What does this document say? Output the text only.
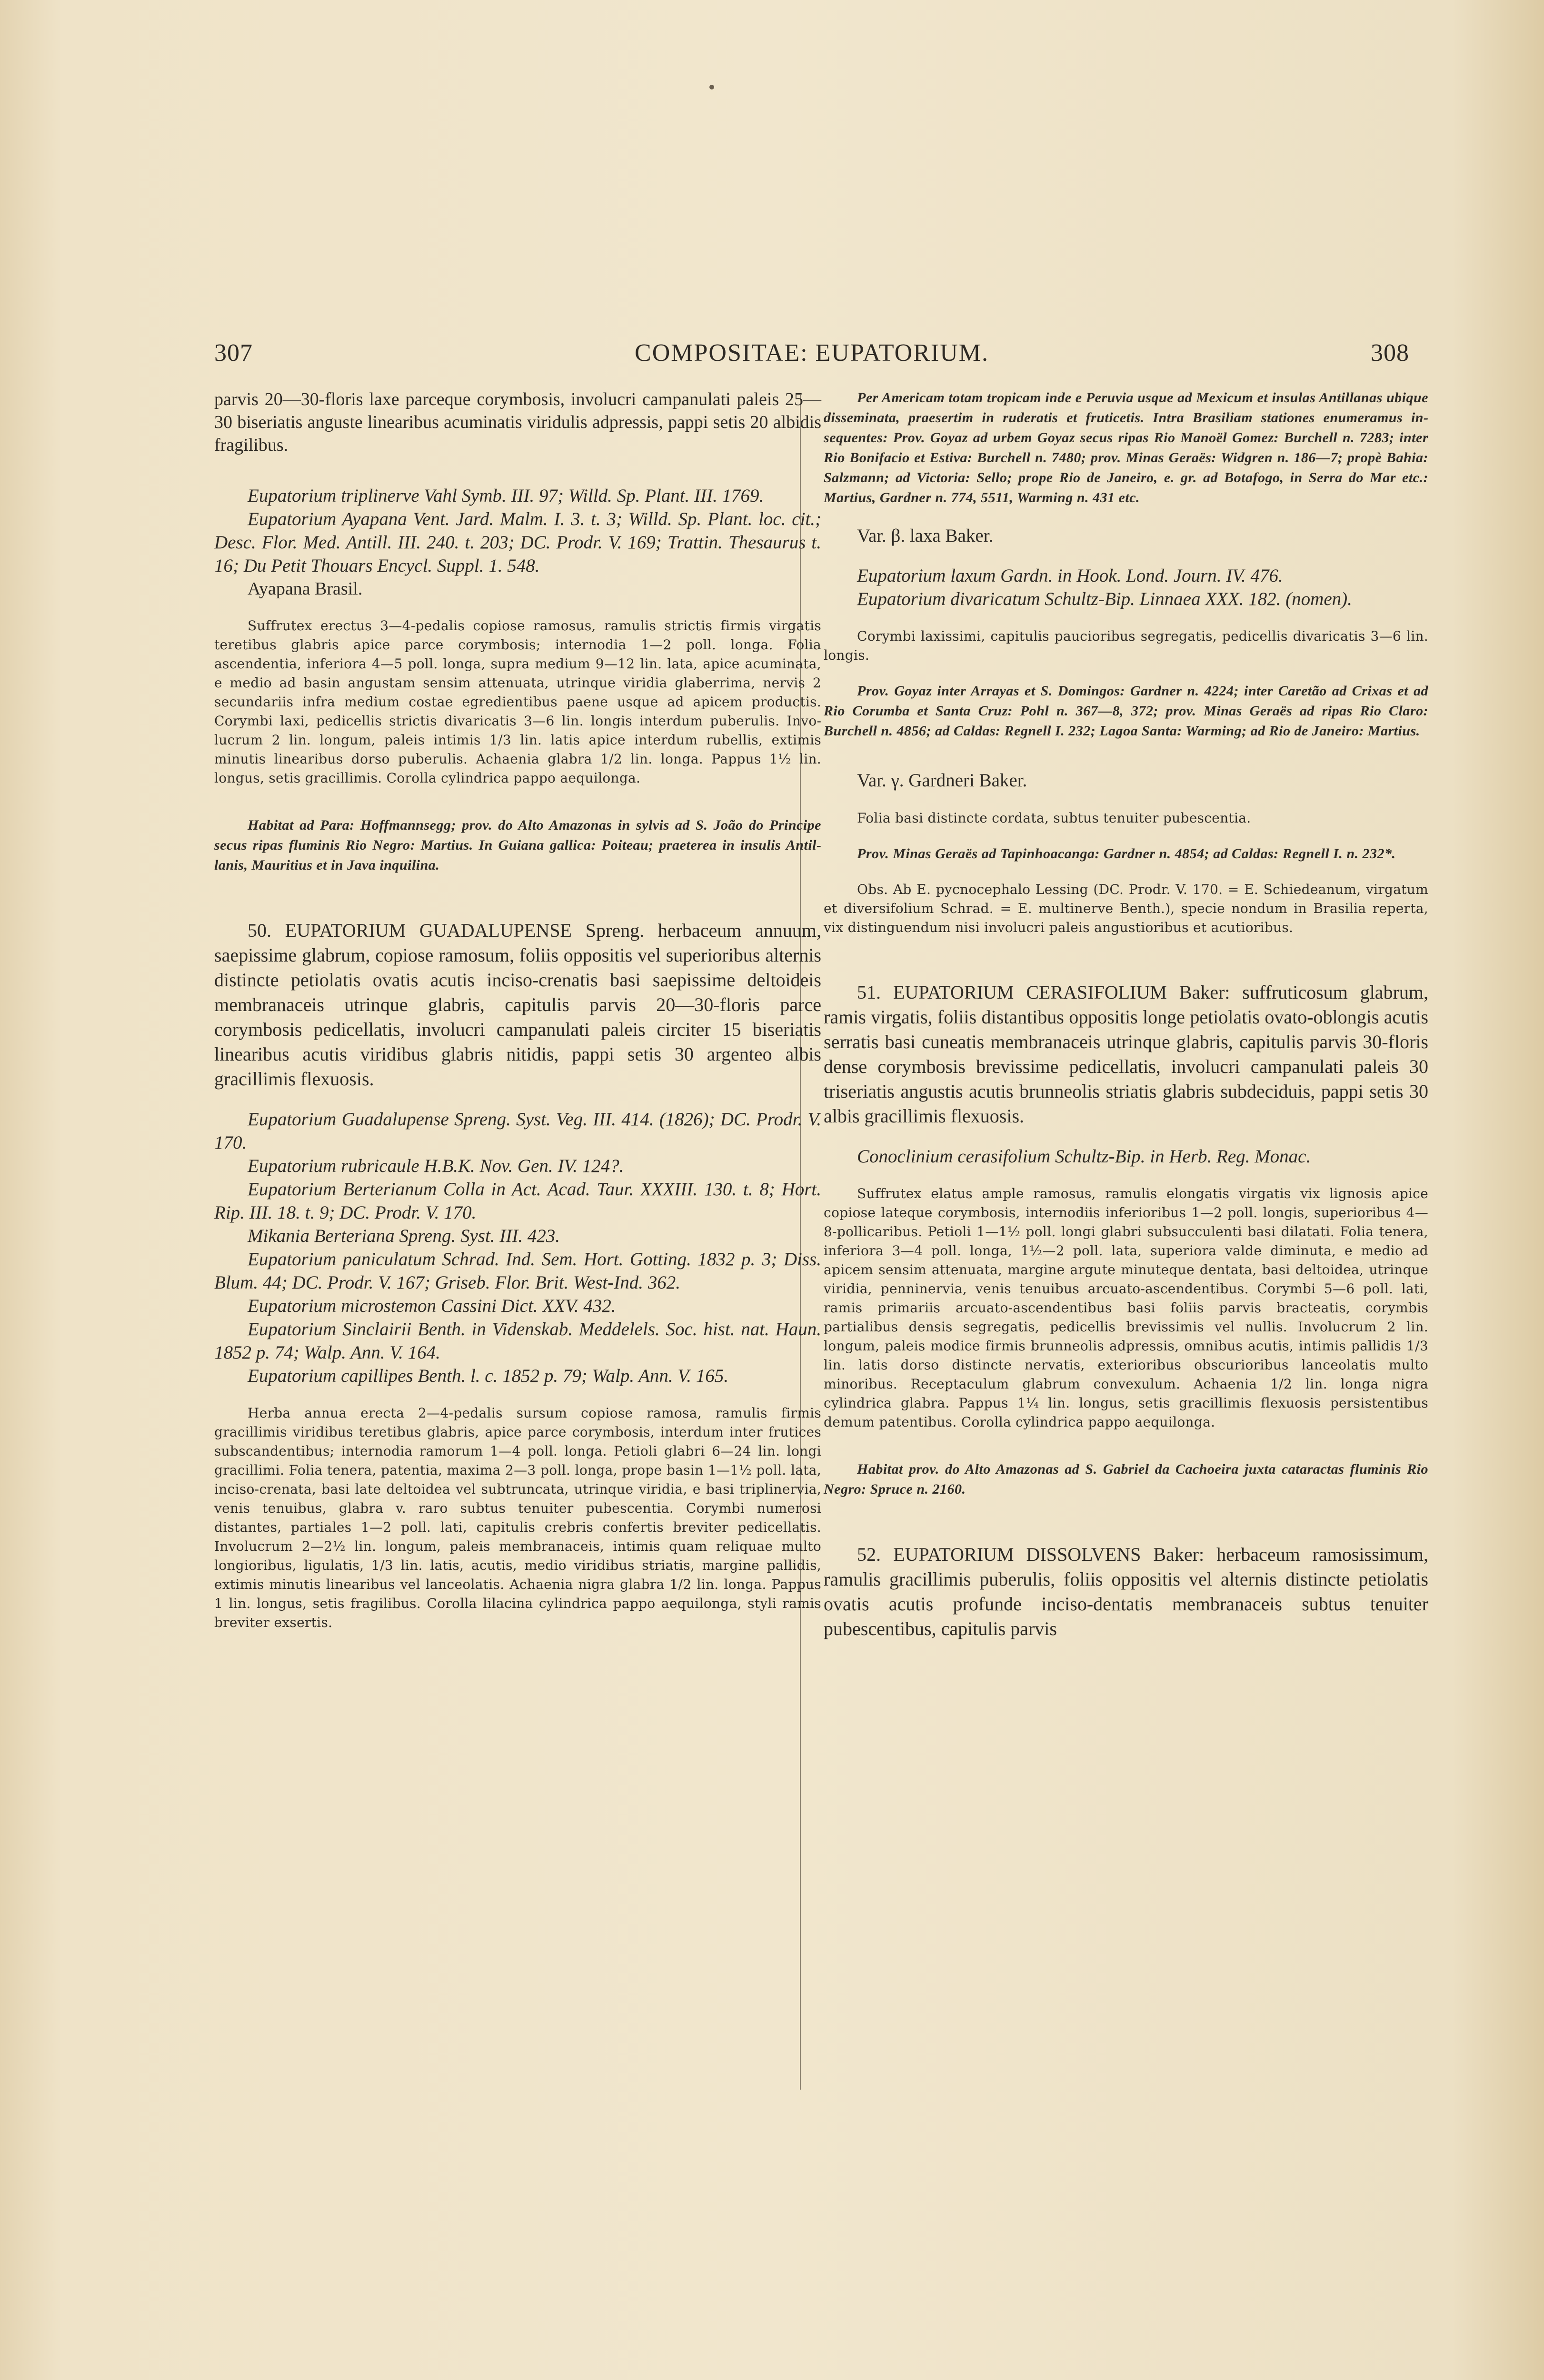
307	COMPOSITAE: EUPATORIUM.	308

parvis 20—30-floris laxe parceque corymbosis, involucri campanulati paleis 25—30 biseriatis anguste linearibus acuminatis viridulis adpressis, pappi setis 20 albidis fragilibus.

Eupatorium triplinerve Vahl Symb. III. 97; Willd. Sp. Plant. III. 1769.

Eupatorium Ayapana Vent. Jard. Malm. I. 3. t. 3; Willd. Sp. Plant. loc. cit.; Desc. Flor. Med. Antill. III. 240. t. 203; DC. Prodr. V. 169; Trattin. Thesaurus t. 16; Du Petit Thouars Encycl. Suppl. 1. 548.

Ayapana Brasil.

Suffrutex erectus 3—4-pedalis copiose ramosus, ramulis strictis firmis virgatis teretibus glabris apice parce corymbosis; internodia 1—2 poll. longa. Folia ascendentia, inferiora 4—5 poll. longa, supra medium 9—12 lin. lata, apice acuminata, e medio ad basin angustam sensim attenuata, utrinque viridia glaberrima, nervis 2 secundariis infra medium costae egredientibus paene usque ad apicem productis. Corymbi laxi, pedicellis strictis divaricatis 3—6 lin. longis interdum puberulis. Involucrum 2 lin. longum, paleis intimis 1/3 lin. latis apice interdum rubellis, extimis minutis linearibus dorso puberulis. Achaenia glabra 1/2 lin. longa. Pappus 1½ lin. longus, setis gracillimis. Corolla cylindrica pappo aequilonga.

Habitat ad Para: Hoffmannsegg; prov. do Alto Amazonas in sylvis ad S. João do Principe secus ripas fluminis Rio Negro: Martius. In Guiana gallica: Poiteau; praeterea in insulis Antillanis, Mauritius et in Java inquilina.

50. EUPATORIUM GUADALUPENSE Spreng. herbaceum annuum, saepissime glabrum, copiose ramosum, foliis oppositis vel superioribus alternis distincte petiolatis ovatis acutis inciso-crenatis basi saepissime deltoideis membranaceis utrinque glabris, capitulis parvis 20—30-floris parce corymbosis pedicellatis, involucri campanulati paleis circiter 15 biseriatis linearibus acutis viridibus glabris nitidis, pappi setis 30 argenteo albis gracillimis flexuosis.

Eupatorium Guadalupense Spreng. Syst. Veg. III. 414. (1826); DC. Prodr. V. 170.

Eupatorium rubricaule H.B.K. Nov. Gen. IV. 124?.

Eupatorium Berterianum Colla in Act. Acad. Taur. XXXIII. 130. t. 8; Hort. Rip. III. 18. t. 9; DC. Prodr. V. 170.

Mikania Berteriana Spreng. Syst. III. 423.

Eupatorium paniculatum Schrad. Ind. Sem. Hort. Gotting. 1832 p. 3; Diss. Blum. 44; DC. Prodr. V. 167; Griseb. Flor. Brit. West-Ind. 362.

Eupatorium microstemon Cassini Dict. XXV. 432.

Eupatorium Sinclairii Benth. in Videnskab. Meddelels. Soc. hist. nat. Haun. 1852 p. 74; Walp. Ann. V. 164.

Eupatorium capillipes Benth. l. c. 1852 p. 79; Walp. Ann. V. 165.

Herba annua erecta 2—4-pedalis sursum copiose ramosa, ramulis firmis gracillimis viridibus teretibus glabris, apice parce corymbosis, interdum inter frutices subscandentibus; internodia ramorum 1—4 poll. longa. Petioli glabri 6—24 lin. longi gracillimi. Folia tenera, patentia, maxima 2—3 poll. longa, prope basin 1—1½ poll. lata, inciso-crenata, basi late deltoidea vel subtruncata, utrinque viridia, e basi triplinervia, venis tenuibus, glabra v. raro subtus tenuiter pubescentia. Corymbi numerosi distantes, partiales 1—2 poll. lati, capitulis crebris confertis breviter pedicellatis. Involucrum 2—2½ lin. longum, paleis membranaceis, intimis quam reliquae multo longioribus, ligulatis, 1/3 lin. latis, acutis, medio viridibus striatis, margine pallidis, extimis minutis linearibus vel lanceolatis. Achaenia nigra glabra 1/2 lin. longa. Pappus 1 lin. longus, setis fragilibus. Corolla lilacina cylindrica pappo aequilonga, styli ramis breviter exsertis.

Per Americam totam tropicam inde e Peruvia usque ad Mexicum et insulas Antillanas ubique disseminata, praesertim in ruderatis et fruticetis. Intra Brasiliam stationes enumeramus insequentes: Prov. Goyaz ad urbem Goyaz secus ripas Rio Manoël Gomez: Burchell n. 7283; inter Rio Bonifacio et Estiva: Burchell n. 7480; prov. Minas Geraës: Widgren n. 186—7; propè Bahia: Salzmann; ad Victoria: Sello; prope Rio de Janeiro, e. gr. ad Botafogo, in Serra do Mar etc.: Martius, Gardner n. 774, 5511, Warming n. 431 etc.

Var. β. laxa Baker.

Eupatorium laxum Gardn. in Hook. Lond. Journ. IV. 476.

Eupatorium divaricatum Schultz-Bip. Linnaea XXX. 182. (nomen).

Corymbi laxissimi, capitulis paucioribus segregatis, pedicellis divaricatis 3—6 lin. longis.

Prov. Goyaz inter Arrayas et S. Domingos: Gardner n. 4224; inter Caretão ad Crixas et ad Rio Corumba et Santa Cruz: Pohl n. 367—8, 372; prov. Minas Geraës ad ripas Rio Claro: Burchell n. 4856; ad Caldas: Regnell I. 232; Lagoa Santa: Warming; ad Rio de Janeiro: Martius.

Var. γ. Gardneri Baker.

Folia basi distincte cordata, subtus tenuiter pubescentia.

Prov. Minas Geraës ad Tapinhoacanga: Gardner n. 4854; ad Caldas: Regnell I. n. 232*.

Obs. Ab E. pycnocephalo Lessing (DC. Prodr. V. 170. = E. Schiedeanum, virgatum et diversifolium Schrad. = E. multinerve Benth.), specie nondum in Brasilia reperta, vix distinguendum nisi involucri paleis angustioribus et acutioribus.

51. EUPATORIUM CERASIFOLIUM Baker: suffruticosum glabrum, ramis virgatis, foliis distantibus oppositis longe petiolatis ovato-oblongis acutis serratis basi cuneatis membranaceis utrinque glabris, capitulis parvis 30-floris dense corymbosis brevissime pedicellatis, involucri campanulati paleis 30 triseriatis angustis acutis brunneolis striatis glabris subdeciduis, pappi setis 30 albis gracillimis flexuosis.

Conoclinium cerasifolium Schultz-Bip. in Herb. Reg. Monac.

Suffrutex elatus ample ramosus, ramulis elongatis virgatis vix lignosis apice copiose lateque corymbosis, internodiis inferioribus 1—2 poll. longis, superioribus 4—8-pollicaribus. Petioli 1—1½ poll. longi glabri subsucculenti basi dilatati. Folia tenera, inferiora 3—4 poll. longa, 1½—2 poll. lata, superiora valde diminuta, e medio ad apicem sensim attenuata, margine argute minuteque dentata, basi deltoidea, utrinque viridia, penninervia, venis tenuibus arcuato-ascendentibus. Corymbi 5—6 poll. lati, ramis primariis arcuato-ascendentibus basi foliis parvis bracteatis, corymbis partialibus densis segregatis, pedicellis brevissimis vel nullis. Involucrum 2 lin. longum, paleis modice firmis brunneolis adpressis, omnibus acutis, intimis pallidis 1/3 lin. latis dorso distincte nervatis, exterioribus obscurioribus lanceolatis multo minoribus. Receptaculum glabrum convexulum. Achaenia 1/2 lin. longa nigra cylindrica glabra. Pappus 1¼ lin. longus, setis gracillimis flexuosis persistentibus demum patentibus. Corolla cylindrica pappo aequilonga.

Habitat prov. do Alto Amazonas ad S. Gabriel da Cachoeira juxta cataractas fluminis Rio Negro: Spruce n. 2160.

52. EUPATORIUM DISSOLVENS Baker: herbaceum ramosissimum, ramulis gracillimis puberulis, foliis oppositis vel alternis distincte petiolatis ovatis acutis profunde inciso-dentatis membranaceis subtus tenuiter pubescentibus, capitulis parvis
